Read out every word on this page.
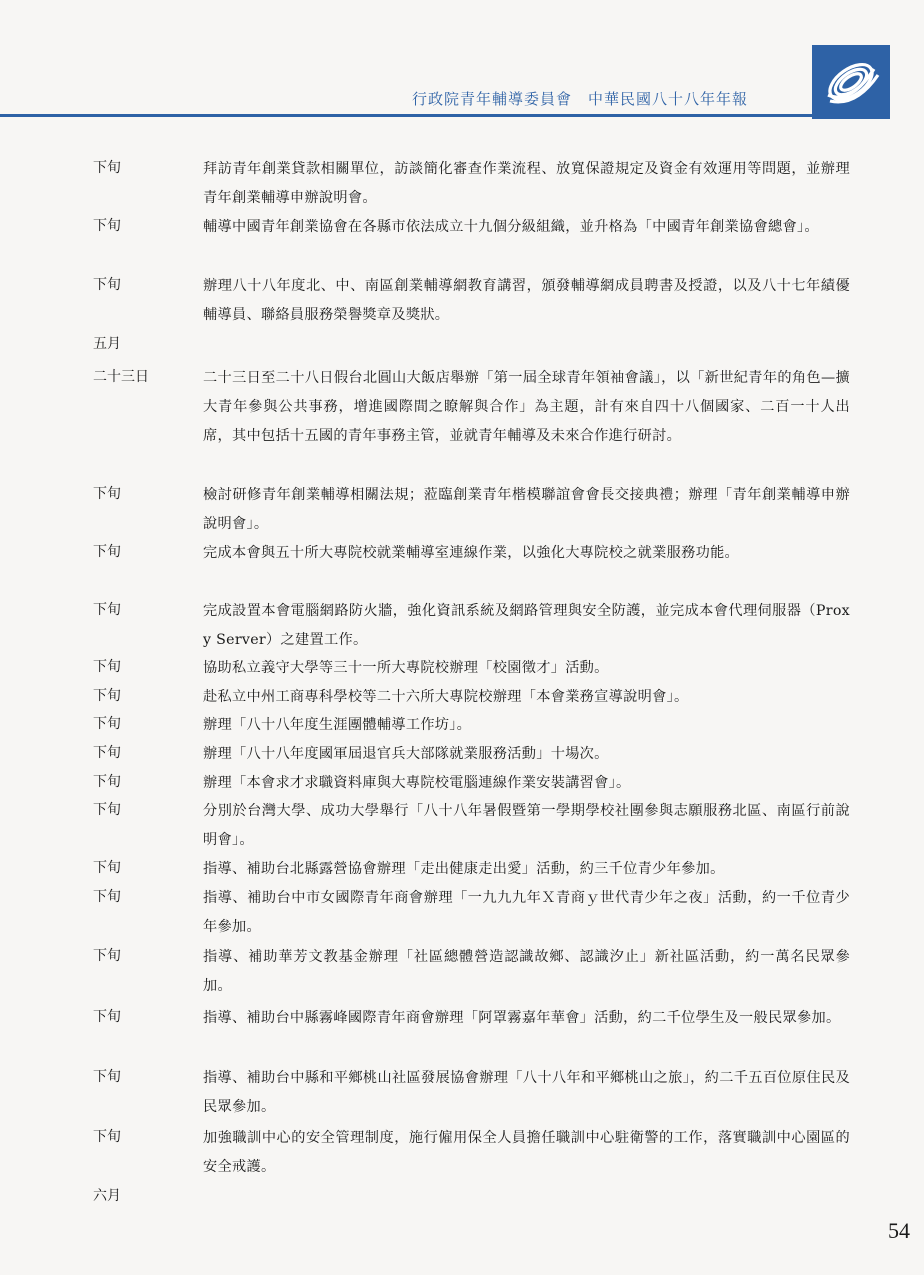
行政院青年輔導委員會　中華民國八十八年年報
下旬	拜訪青年創業貸款相關單位，訪談簡化審查作業流程、放寬保證規定及資金有效運用等問題，並辦理青年創業輔導申辦說明會。
下旬	輔導中國青年創業協會在各縣市依法成立十九個分級組織，並升格為「中國青年創業協會總會」。
下旬	辦理八十八年度北、中、南區創業輔導網教育講習，頒發輔導網成員聘書及授證，以及八十七年績優輔導員、聯絡員服務榮譽獎章及獎狀。
五月
二十三日	二十三日至二十八日假台北圓山大飯店舉辦「第一屆全球青年領袖會議」，以「新世紀青年的角色—擴大青年參與公共事務，增進國際間之瞭解與合作」為主題，計有來自四十八個國家、二百一十人出席，其中包括十五國的青年事務主管，並就青年輔導及未來合作進行研討。
下旬	檢討研修青年創業輔導相關法規；蒞臨創業青年楷模聯誼會會長交接典禮；辦理「青年創業輔導申辦說明會」。
下旬	完成本會與五十所大專院校就業輔導室連線作業，以強化大專院校之就業服務功能。
下旬	完成設置本會電腦網路防火牆，強化資訊系統及網路管理與安全防護，並完成本會代理伺服器（Proxy Server）之建置工作。
下旬	協助私立義守大學等三十一所大專院校辦理「校園徵才」活動。
下旬	赴私立中州工商專科學校等二十六所大專院校辦理「本會業務宣導說明會」。
下旬	辦理「八十八年度生涯團體輔導工作坊」。
下旬	辦理「八十八年度國軍屆退官兵大部隊就業服務活動」十場次。
下旬	辦理「本會求才求職資料庫與大專院校電腦連線作業安裝講習會」。
下旬	分別於台灣大學、成功大學舉行「八十八年暑假暨第一學期學校社團參與志願服務北區、南區行前說明會」。
下旬	指導、補助台北縣露營協會辦理「走出健康走出愛」活動，約三千位青少年參加。
下旬	指導、補助台中市女國際青年商會辦理「一九九九年Ｘ青商ｙ世代青少年之夜」活動，約一千位青少年參加。
下旬	指導、補助華芳文教基金辦理「社區總體營造認識故鄉、認識汐止」新社區活動，約一萬名民眾參加。
下旬	指導、補助台中縣霧峰國際青年商會辦理「阿罩霧嘉年華會」活動，約二千位學生及一般民眾參加。
下旬	指導、補助台中縣和平鄉桃山社區發展協會辦理「八十八年和平鄉桃山之旅」，約二千五百位原住民及民眾參加。
下旬	加強職訓中心的安全管理制度，施行僱用保全人員擔任職訓中心駐衛警的工作，落實職訓中心園區的安全戒護。
六月
54
